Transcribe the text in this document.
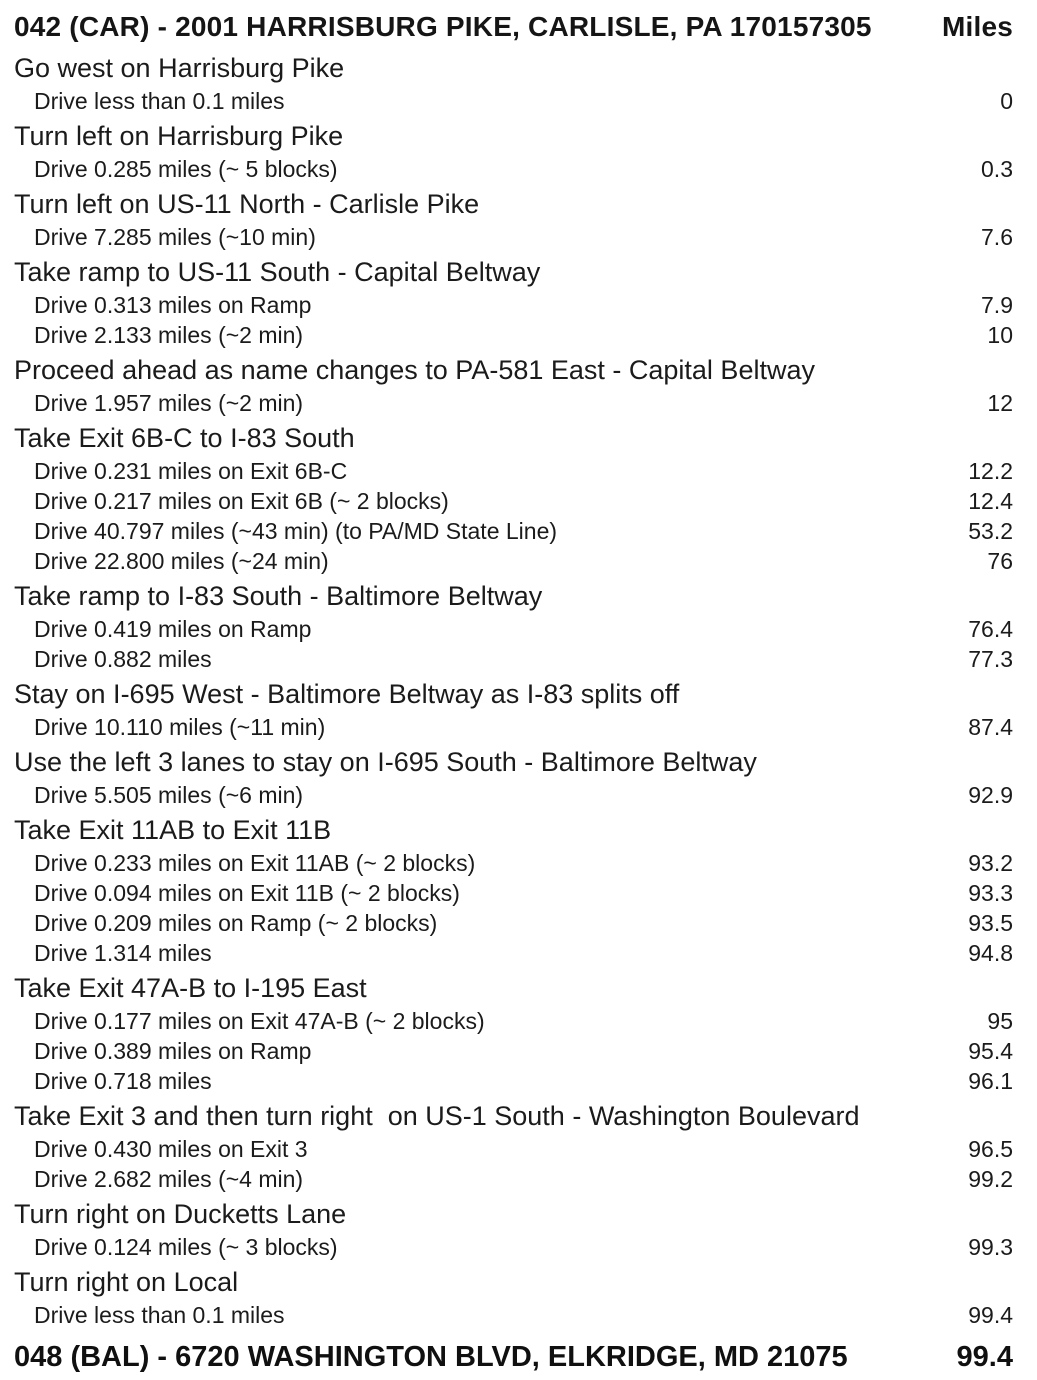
042 (CAR) - 2001 HARRISBURG PIKE, CARLISLE, PA 170157305	Miles
Go west on Harrisburg Pike
Drive less than 0.1 miles	0
Turn left on Harrisburg Pike
Drive 0.285 miles (~ 5 blocks)	0.3
Turn left on US-11 North - Carlisle Pike
Drive 7.285 miles (~10 min)	7.6
Take ramp to US-11 South - Capital Beltway
Drive 0.313 miles on Ramp	7.9
Drive 2.133 miles (~2 min)	10
Proceed ahead as name changes to PA-581 East - Capital Beltway
Drive 1.957 miles (~2 min)	12
Take Exit 6B-C to I-83 South
Drive 0.231 miles on Exit 6B-C	12.2
Drive 0.217 miles on Exit 6B (~ 2 blocks)	12.4
Drive 40.797 miles (~43 min) (to PA/MD State Line)	53.2
Drive 22.800 miles (~24 min)	76
Take ramp to I-83 South - Baltimore Beltway
Drive 0.419 miles on Ramp	76.4
Drive 0.882 miles	77.3
Stay on I-695 West - Baltimore Beltway as I-83 splits off
Drive 10.110 miles (~11 min)	87.4
Use the left 3 lanes to stay on I-695 South - Baltimore Beltway
Drive 5.505 miles (~6 min)	92.9
Take Exit 11AB to Exit 11B
Drive 0.233 miles on Exit 11AB (~ 2 blocks)	93.2
Drive 0.094 miles on Exit 11B (~ 2 blocks)	93.3
Drive 0.209 miles on Ramp (~ 2 blocks)	93.5
Drive 1.314 miles	94.8
Take Exit 47A-B to I-195 East
Drive 0.177 miles on Exit 47A-B (~ 2 blocks)	95
Drive 0.389 miles on Ramp	95.4
Drive 0.718 miles	96.1
Take Exit 3 and then turn right  on US-1 South - Washington Boulevard
Drive 0.430 miles on Exit 3	96.5
Drive 2.682 miles (~4 min)	99.2
Turn right on Ducketts Lane
Drive 0.124 miles (~ 3 blocks)	99.3
Turn right on Local
Drive less than 0.1 miles	99.4
048 (BAL) - 6720 WASHINGTON BLVD, ELKRIDGE, MD 21075	99.4
